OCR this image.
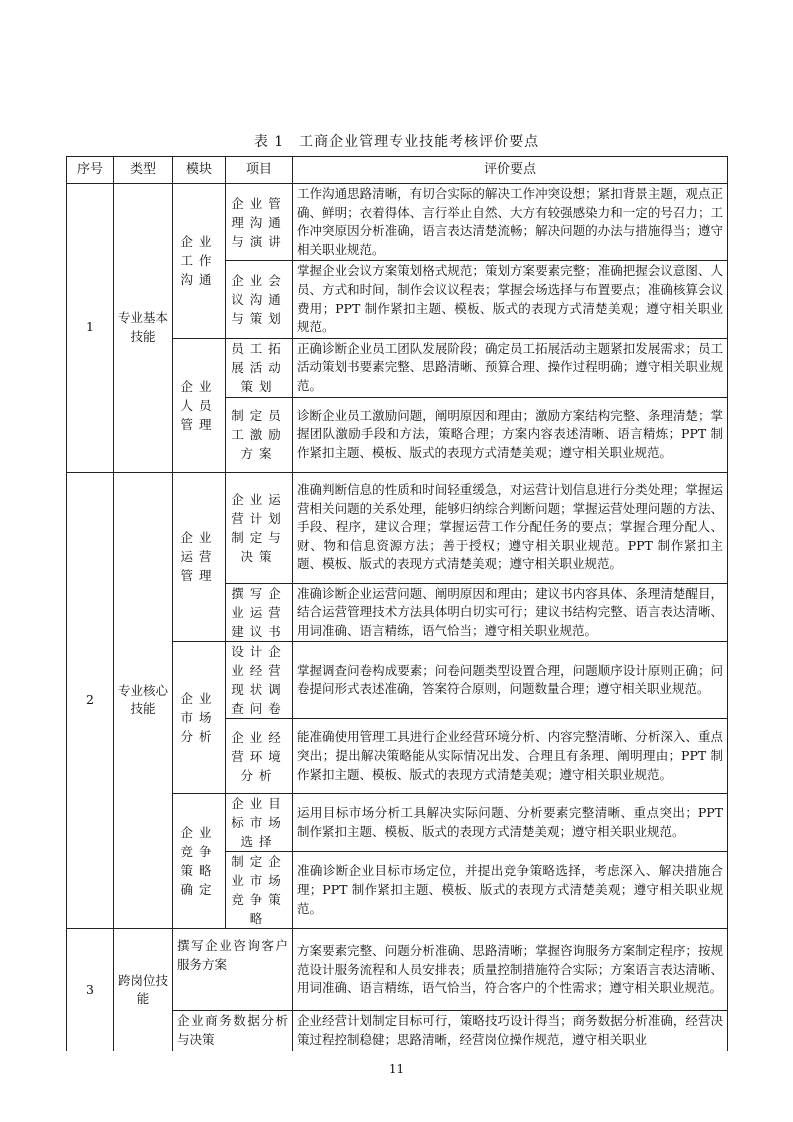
表 1　工商企业管理专业技能考核评价要点
序号	类型	模块	项目	评价要点
1	专业基本技能	企业工作沟通	企业管理沟通与演讲	工作沟通思路清晰，有切合实际的解决工作冲突设想；紧扣背景主题，观点正确、鲜明；衣着得体、言行举止自然、大方有较强感染力和一定的号召力；工作冲突原因分析准确，语言表达清楚流畅；解决问题的办法与措施得当；遵守相关职业规范。
			企业会议沟通与策划	掌握企业会议方案策划格式规范；策划方案要素完整；准确把握会议意图、人员、方式和时间，制作会议议程表；掌握会场选择与布置要点；准确核算会议费用；PPT 制作紧扣主题、模板、版式的表现方式清楚美观；遵守相关职业规范。
		企业人员管理	员工拓展活动策划	正确诊断企业员工团队发展阶段；确定员工拓展活动主题紧扣发展需求；员工活动策划书要素完整、思路清晰、预算合理、操作过程明确；遵守相关职业规范。
			制定员工激励方案	诊断企业员工激励问题，阐明原因和理由；激励方案结构完整、条理清楚；掌握团队激励手段和方法，策略合理；方案内容表述清晰、语言精炼；PPT 制作紧扣主题、模板、版式的表现方式清楚美观；遵守相关职业规范。
2	专业核心技能	企业运营管理	企业运营计划制定与决策	准确判断信息的性质和时间轻重缓急，对运营计划信息进行分类处理；掌握运营相关问题的关系处理，能够归纳综合判断问题；掌握运营处理问题的方法、手段、程序，建议合理；掌握运营工作分配任务的要点；掌握合理分配人、财、物和信息资源方法；善于授权；遵守相关职业规范。PPT 制作紧扣主题、模板、版式的表现方式清楚美观；遵守相关职业规范。
			撰写企业运营建议书	准确诊断企业运营问题、阐明原因和理由；建议书内容具体、条理清楚醒目，结合运营管理技术方法具体明白切实可行；建议书结构完整、语言表达清晰、用词准确、语言精练，语气恰当；遵守相关职业规范。
		企业市场分析	设计企业经营现状调查问卷	掌握调查问卷构成要素；问卷问题类型设置合理，问题顺序设计原则正确；问卷提问形式表述准确，答案符合原则，问题数量合理；遵守相关职业规范。
			企业经营环境分析	能准确使用管理工具进行企业经营环境分析、内容完整清晰、分析深入、重点突出；提出解决策略能从实际情况出发、合理且有条理、阐明理由；PPT 制作紧扣主题、模板、版式的表现方式清楚美观；遵守相关职业规范。
		企业竞争策略确定	企业目标市场选择	运用目标市场分析工具解决实际问题、分析要素完整清晰、重点突出；PPT 制作紧扣主题、模板、版式的表现方式清楚美观；遵守相关职业规范。
			制定企业市场竞争策略	准确诊断企业目标市场定位，并提出竞争策略选择，考虑深入、解决措施合理；PPT 制作紧扣主题、模板、版式的表现方式清楚美观；遵守相关职业规范。
3	跨岗位技能	撰写企业咨询客户服务方案		方案要素完整、问题分析准确、思路清晰；掌握咨询服务方案制定程序；按规范设计服务流程和人员安排表；质量控制措施符合实际；方案语言表达清晰、用词准确、语言精练，语气恰当，符合客户的个性需求；遵守相关职业规范。
		企业商务数据分析与决策		企业经营计划制定目标可行，策略技巧设计得当；商务数据分析准确，经营决策过程控制稳健；思路清晰，经营岗位操作规范，遵守相关职业
11
